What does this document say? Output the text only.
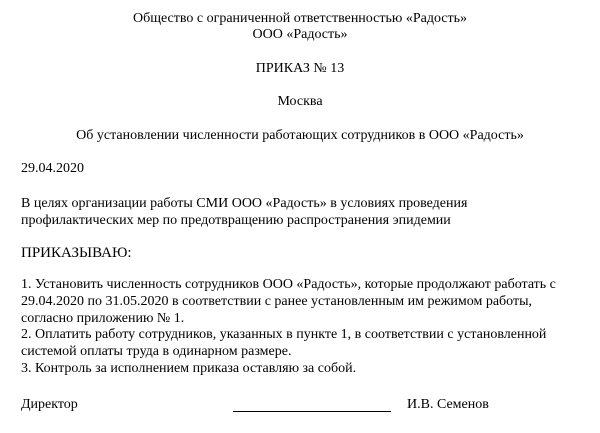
Общество с ограниченной ответственностью «Радость»
ООО «Радость»
ПРИКАЗ № 13
Москва
Об установлении численности работающих сотрудников в ООО «Радость»
29.04.2020
В целях организации работы СМИ ООО «Радость» в условиях проведения
профилактических мер по предотвращению распространения эпидемии
ПРИКАЗЫВАЮ:
1. Установить численность сотрудников ООО «Радость», которые продолжают работать с
29.04.2020 по 31.05.2020 в соответствии с ранее установленным им режимом работы,
согласно приложению № 1.
2. Оплатить работу сотрудников, указанных в пункте 1, в соответствии с установленной
системой оплаты труда в одинарном размере.
3. Контроль за исполнением приказа оставляю за собой.
Директор	И.В. Семенов
